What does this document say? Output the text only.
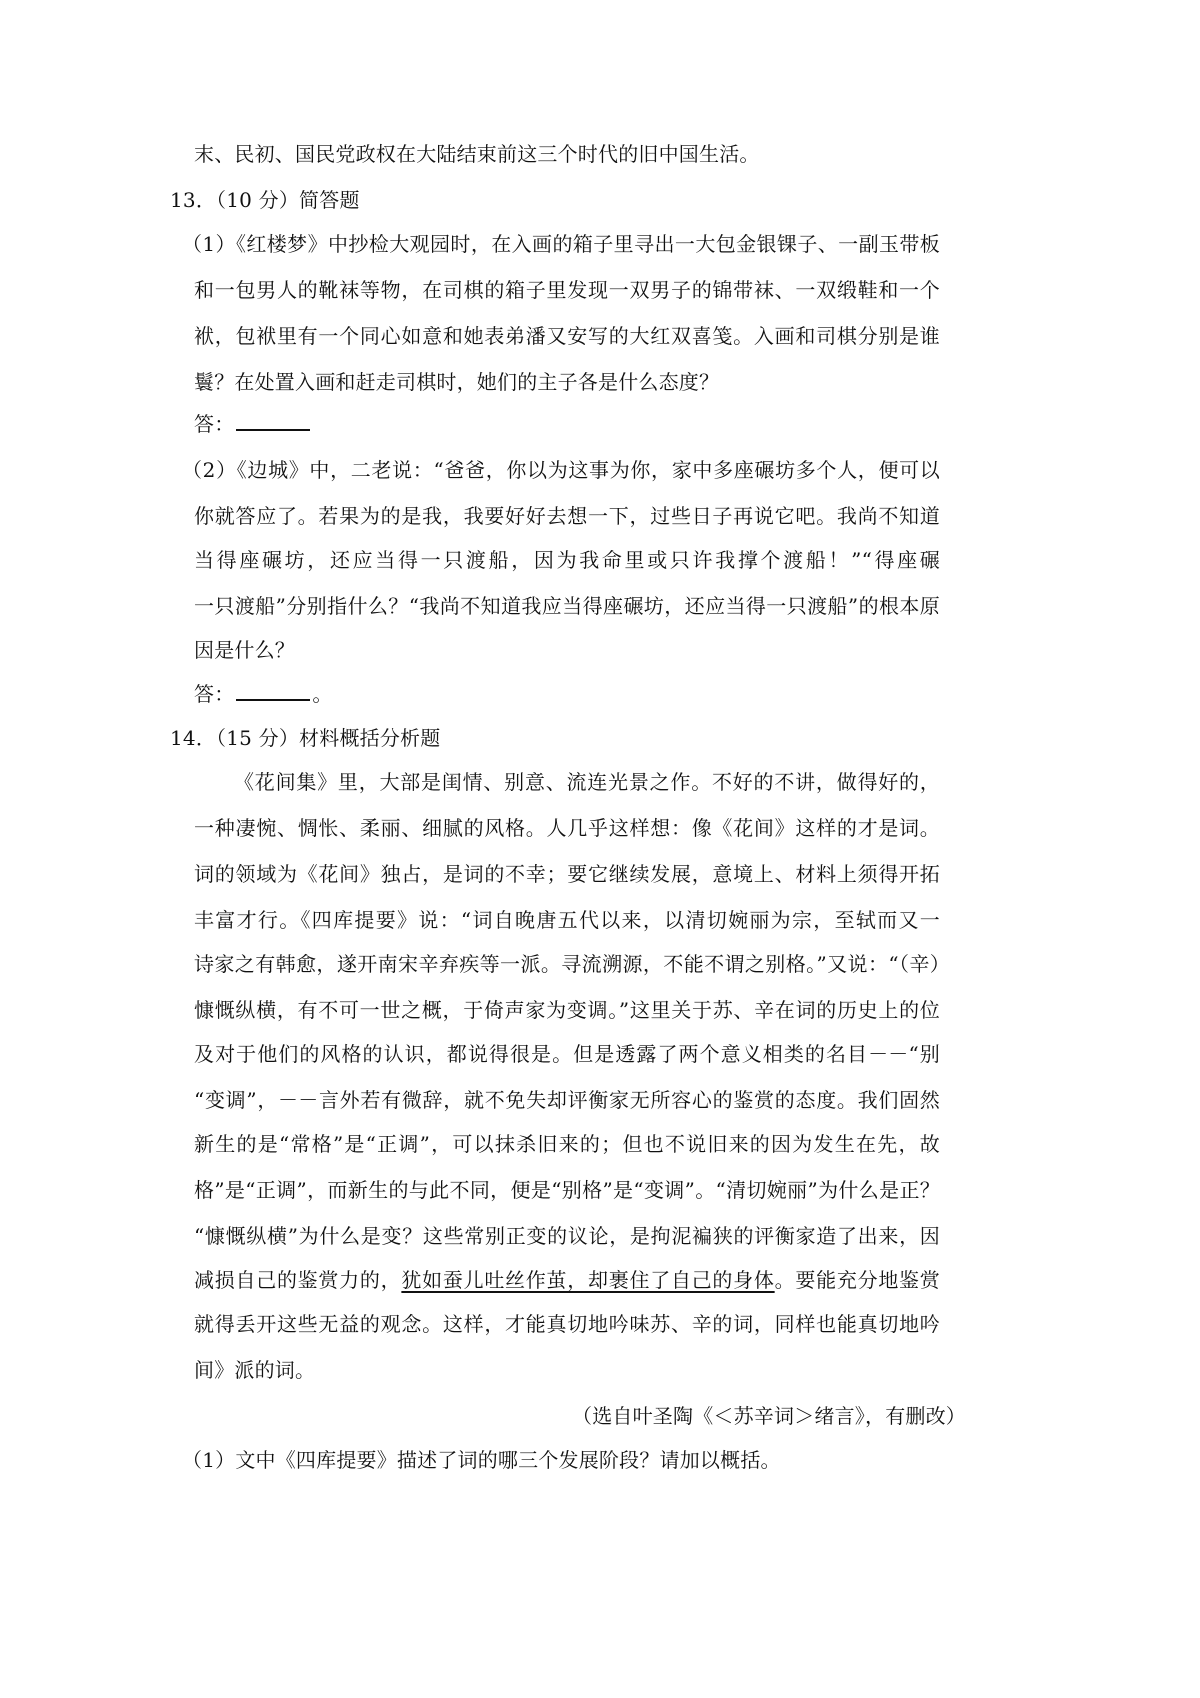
末、民初、国民党政权在大陆结束前这三个时代的旧中国生活。
13．（10 分）简答题
（1）《红楼梦》中抄检大观园时，在入画的箱子里寻出一大包金银锞子、一副玉带板
和一包男人的靴袜等物，在司棋的箱子里发现一双男子的锦带袜、一双缎鞋和一个
袱，包袱里有一个同心如意和她表弟潘又安写的大红双喜笺。入画和司棋分别是谁
鬟？在处置入画和赶走司棋时，她们的主子各是什么态度？
答：
（2）《边城》中，二老说：“爸爸，你以为这事为你，家中多座碾坊多个人，便可以
你就答应了。若果为的是我，我要好好去想一下，过些日子再说它吧。我尚不知道
当得座碾坊，还应当得一只渡船，因为我命里或只许我撑个渡船！”“得座碾
一只渡船”分别指什么？“我尚不知道我应当得座碾坊，还应当得一只渡船”的根本原
因是什么？
答：	。
14．（15 分）材料概括分析题
《花间集》里，大部是闺情、别意、流连光景之作。不好的不讲，做得好的，
一种凄惋、惆怅、柔丽、细腻的风格。人几乎这样想：像《花间》这样的才是词。
词的领域为《花间》独占，是词的不幸；要它继续发展，意境上、材料上须得开拓
丰富才行。《四库提要》说：“词自晚唐五代以来，以清切婉丽为宗，至轼而又一
诗家之有韩愈，遂开南宋辛弃疾等一派。寻流溯源，不能不谓之别格。”又说：“（辛）
慷慨纵横，有不可一世之概，于倚声家为变调。”这里关于苏、辛在词的历史上的位
及对于他们的风格的认识，都说得很是。但是透露了两个意义相类的名目－－“别
“变调”，－－言外若有微辞，就不免失却评衡家无所容心的鉴赏的态度。我们固然
新生的是“常格”是“正调”，可以抹杀旧来的；但也不说旧来的因为发生在先，故
格”是“正调”，而新生的与此不同，便是“别格”是“变调”。“清切婉丽”为什么是正？
“慷慨纵横”为什么是变？这些常别正变的议论，是拘泥褊狭的评衡家造了出来，因
减损自己的鉴赏力的，犹如蚕儿吐丝作茧，却裹住了自己的身体。要能充分地鉴赏
就得丢开这些无益的观念。这样，才能真切地吟味苏、辛的词，同样也能真切地吟
间》派的词。
（选自叶圣陶《＜苏辛词＞绪言》，有删改）
（1）文中《四库提要》描述了词的哪三个发展阶段？请加以概括。
